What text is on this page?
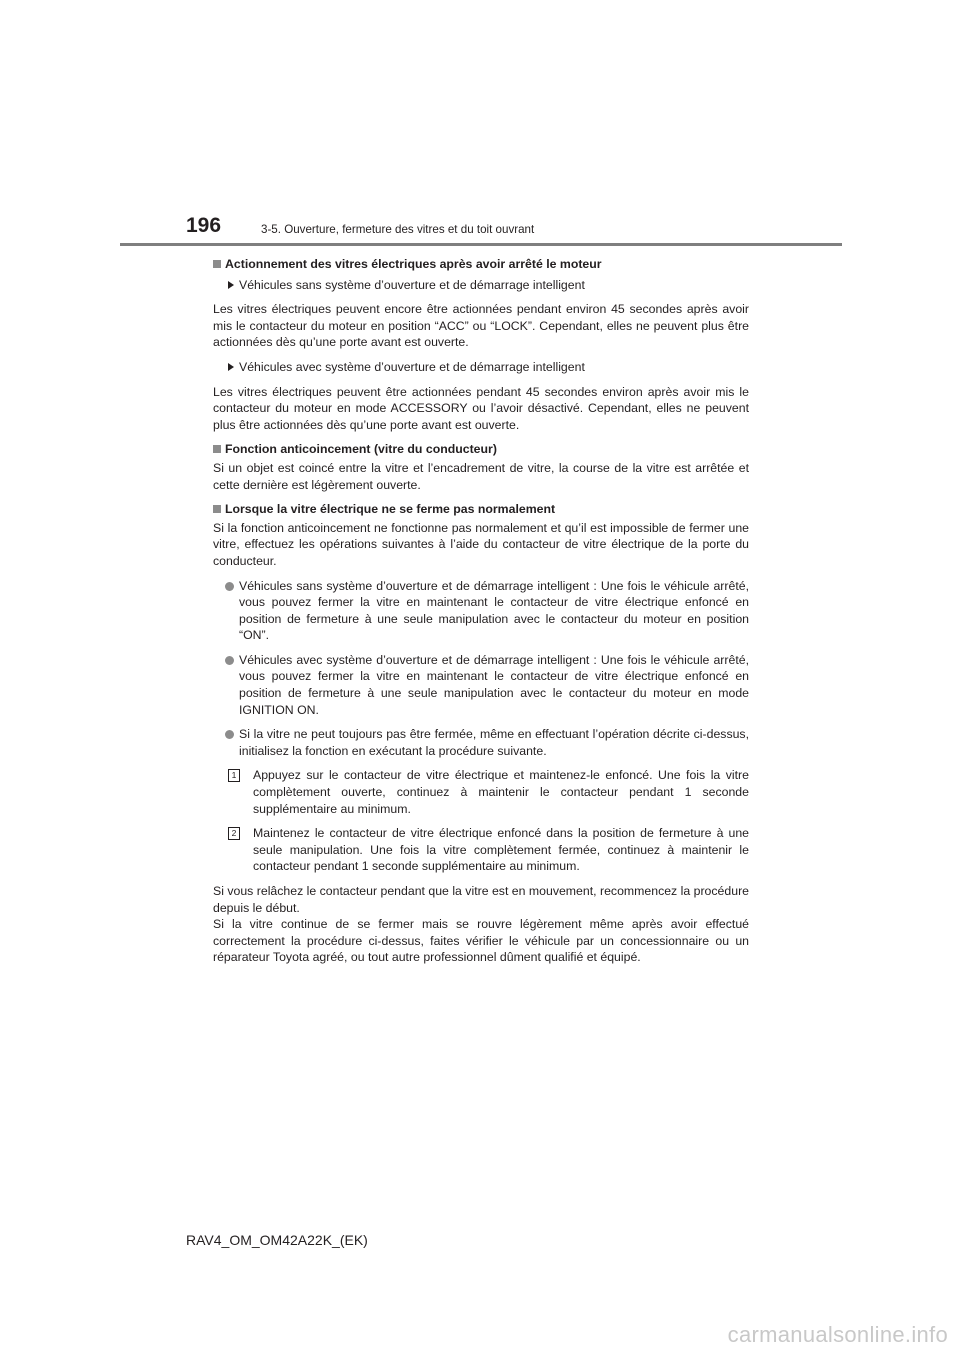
196	3-5. Ouverture, fermeture des vitres et du toit ouvrant

Actionnement des vitres électriques après avoir arrêté le moteur

Véhicules sans système d’ouverture et de démarrage intelligent

Les vitres électriques peuvent encore être actionnées pendant environ 45 secondes après avoir mis le contacteur du moteur en position “ACC” ou “LOCK”. Cependant, elles ne peuvent plus être actionnées dès qu’une porte avant est ouverte.

Véhicules avec système d’ouverture et de démarrage intelligent

Les vitres électriques peuvent être actionnées pendant 45 secondes environ après avoir mis le contacteur du moteur en mode ACCESSORY ou l’avoir désactivé. Cependant, elles ne peuvent plus être actionnées dès qu’une porte avant est ouverte.

Fonction anticoincement (vitre du conducteur)

Si un objet est coincé entre la vitre et l’encadrement de vitre, la course de la vitre est arrêtée et cette dernière est légèrement ouverte.

Lorsque la vitre électrique ne se ferme pas normalement

Si la fonction anticoincement ne fonctionne pas normalement et qu’il est impossible de fermer une vitre, effectuez les opérations suivantes à l’aide du contacteur de vitre électrique de la porte du conducteur.

Véhicules sans système d’ouverture et de démarrage intelligent : Une fois le véhicule arrêté, vous pouvez fermer la vitre en maintenant le contacteur de vitre électrique enfoncé en position de fermeture à une seule manipulation avec le contacteur du moteur en position “ON”.

Véhicules avec système d’ouverture et de démarrage intelligent : Une fois le véhicule arrêté, vous pouvez fermer la vitre en maintenant le contacteur de vitre électrique enfoncé en position de fermeture à une seule manipulation avec le contacteur du moteur en mode IGNITION ON.

Si la vitre ne peut toujours pas être fermée, même en effectuant l’opération décrite ci-dessus, initialisez la fonction en exécutant la procédure suivante.

1 Appuyez sur le contacteur de vitre électrique et maintenez-le enfoncé. Une fois la vitre complètement ouverte, continuez à maintenir le contacteur pendant 1 seconde supplémentaire au minimum.

2 Maintenez le contacteur de vitre électrique enfoncé dans la position de fermeture à une seule manipulation. Une fois la vitre complètement fermée, continuez à maintenir le contacteur pendant 1 seconde supplémentaire au minimum.

Si vous relâchez le contacteur pendant que la vitre est en mouvement, recommencez la procédure depuis le début.

Si la vitre continue de se fermer mais se rouvre légèrement même après avoir effectué correctement la procédure ci-dessus, faites vérifier le véhicule par un concessionnaire ou un réparateur Toyota agréé, ou tout autre professionnel dûment qualifié et équipé.

RAV4_OM_OM42A22K_(EK)
carmanualsonline.info
